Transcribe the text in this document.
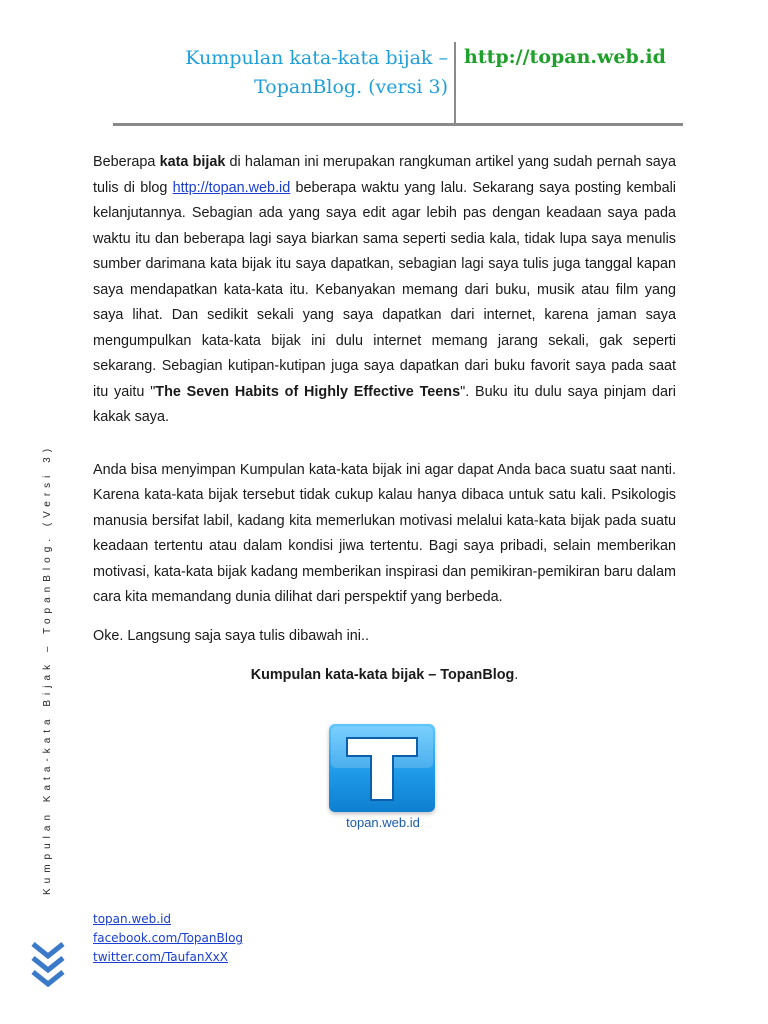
Kumpulan kata-kata bijak –
TopanBlog. (versi 3)
http://topan.web.id

Beberapa kata bijak di halaman ini merupakan rangkuman artikel yang sudah pernah saya tulis di blog http://topan.web.id beberapa waktu yang lalu. Sekarang saya posting kembali kelanjutannya. Sebagian ada yang saya edit agar lebih pas dengan keadaan saya pada waktu itu dan beberapa lagi saya biarkan sama seperti sedia kala, tidak lupa saya menulis sumber darimana kata bijak itu saya dapatkan, sebagian lagi saya tulis juga tanggal kapan saya mendapatkan kata-kata itu. Kebanyakan memang dari buku, musik atau film yang saya lihat. Dan sedikit sekali yang saya dapatkan dari internet, karena jaman saya mengumpulkan kata-kata bijak ini dulu internet memang jarang sekali, gak seperti sekarang. Sebagian kutipan-kutipan juga saya dapatkan dari buku favorit saya pada saat itu yaitu "The Seven Habits of Highly Effective Teens". Buku itu dulu saya pinjam dari kakak saya.

Anda bisa menyimpan Kumpulan kata-kata bijak ini agar dapat Anda baca suatu saat nanti. Karena kata-kata bijak tersebut tidak cukup kalau hanya dibaca untuk satu kali. Psikologis manusia bersifat labil, kadang kita memerlukan motivasi melalui kata-kata bijak pada suatu keadaan tertentu atau dalam kondisi jiwa tertentu. Bagi saya pribadi, selain memberikan motivasi, kata-kata bijak kadang memberikan inspirasi dan pemikiran-pemikiran baru dalam cara kita memandang dunia dilihat dari perspektif yang berbeda.

Oke. Langsung saja saya tulis dibawah ini..

Kumpulan kata-kata bijak – TopanBlog.

T
topan.web.id
Kumpulan Kata-kata Bijak – TopanBlog. (Versi 3)
topan.web.id
facebook.com/TopanBlog
twitter.com/TaufanXxX
